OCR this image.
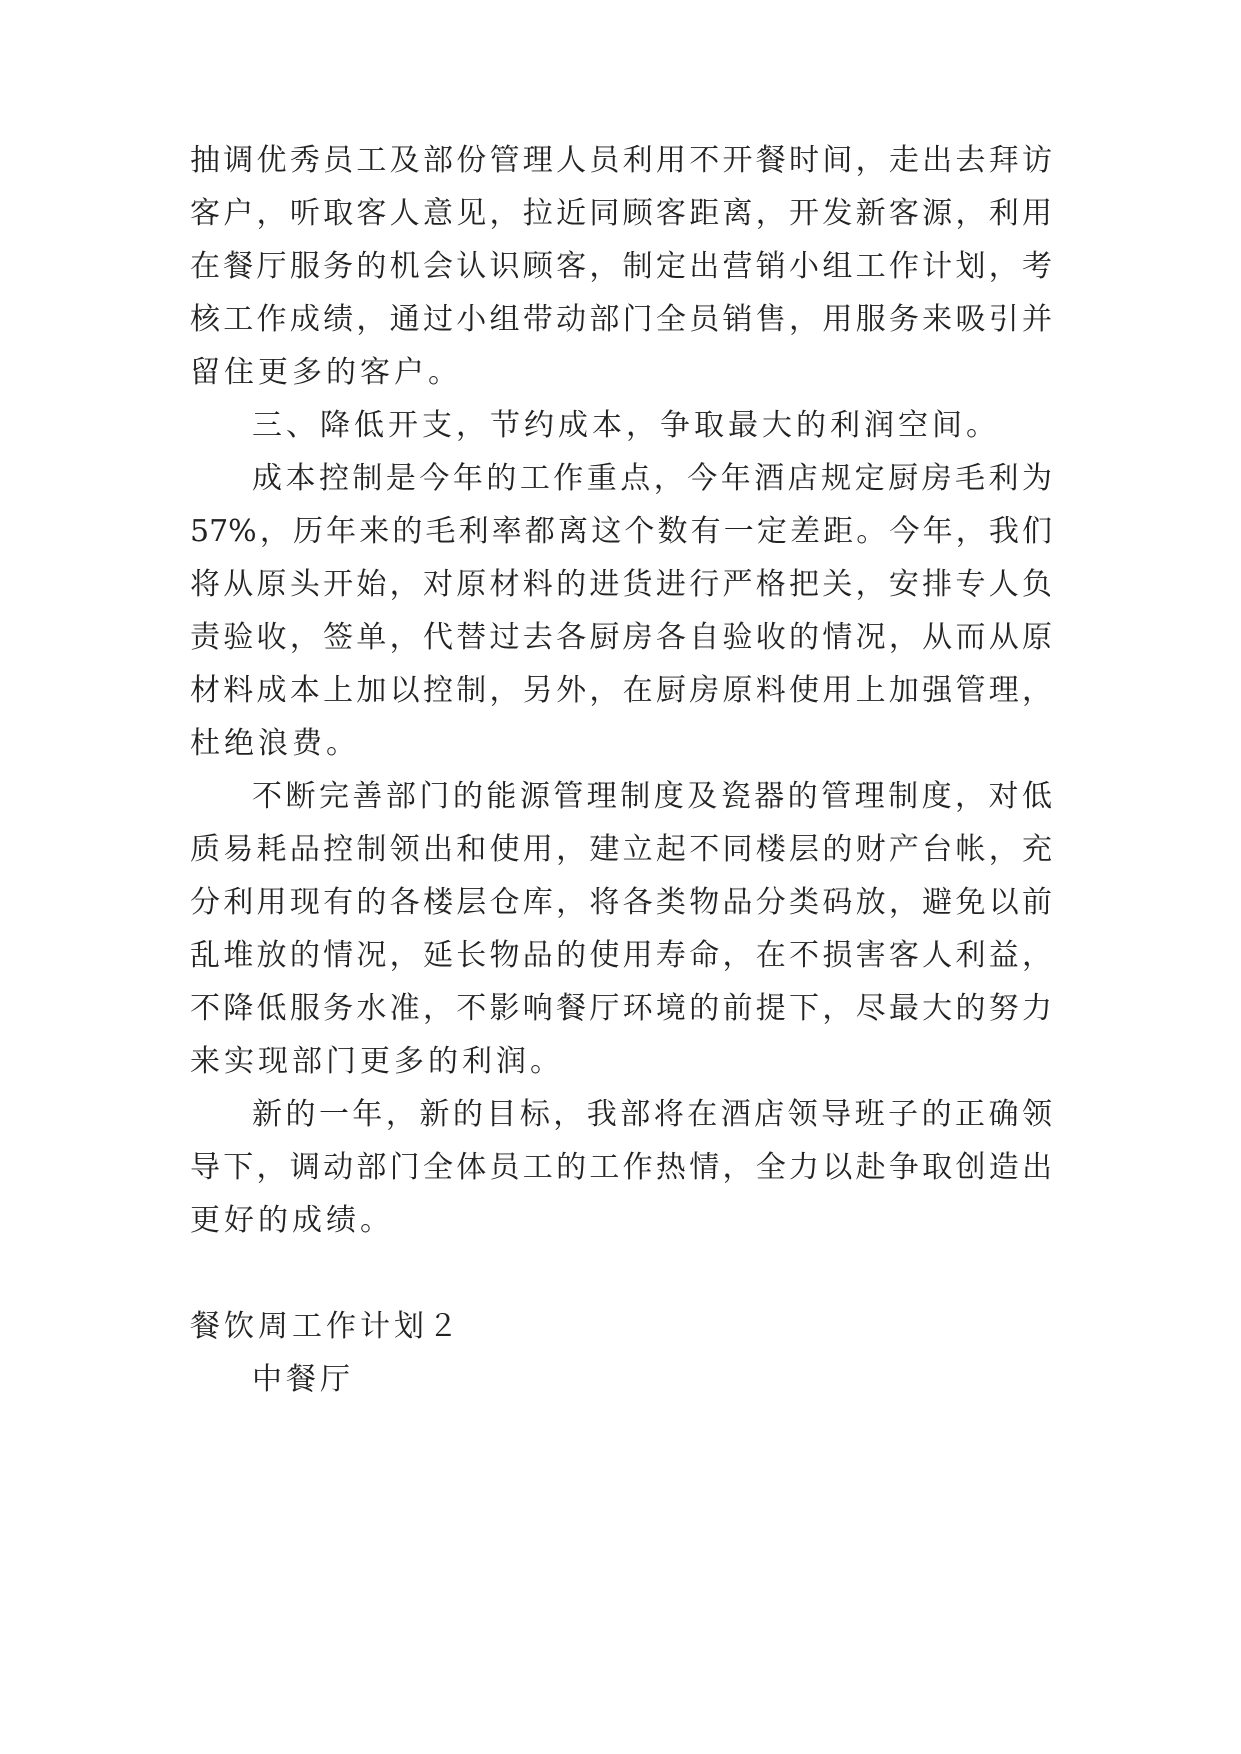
抽调优秀员工及部份管理人员利用不开餐时间，走出去拜访
客户，听取客人意见，拉近同顾客距离，开发新客源，利用
在餐厅服务的机会认识顾客，制定出营销小组工作计划，考
核工作成绩，通过小组带动部门全员销售，用服务来吸引并
留住更多的客户。
三、降低开支，节约成本，争取最大的利润空间。
成本控制是今年的工作重点，今年酒店规定厨房毛利为
57%，历年来的毛利率都离这个数有一定差距。今年，我们
将从原头开始，对原材料的进货进行严格把关，安排专人负
责验收，签单，代替过去各厨房各自验收的情况，从而从原
材料成本上加以控制，另外，在厨房原料使用上加强管理，
杜绝浪费。
不断完善部门的能源管理制度及瓷器的管理制度，对低
质易耗品控制领出和使用，建立起不同楼层的财产台帐，充
分利用现有的各楼层仓库，将各类物品分类码放，避免以前
乱堆放的情况，延长物品的使用寿命，在不损害客人利益，
不降低服务水准，不影响餐厅环境的前提下，尽最大的努力
来实现部门更多的利润。
新的一年，新的目标，我部将在酒店领导班子的正确领
导下，调动部门全体员工的工作热情，全力以赴争取创造出
更好的成绩。
餐饮周工作计划２
中餐厅
